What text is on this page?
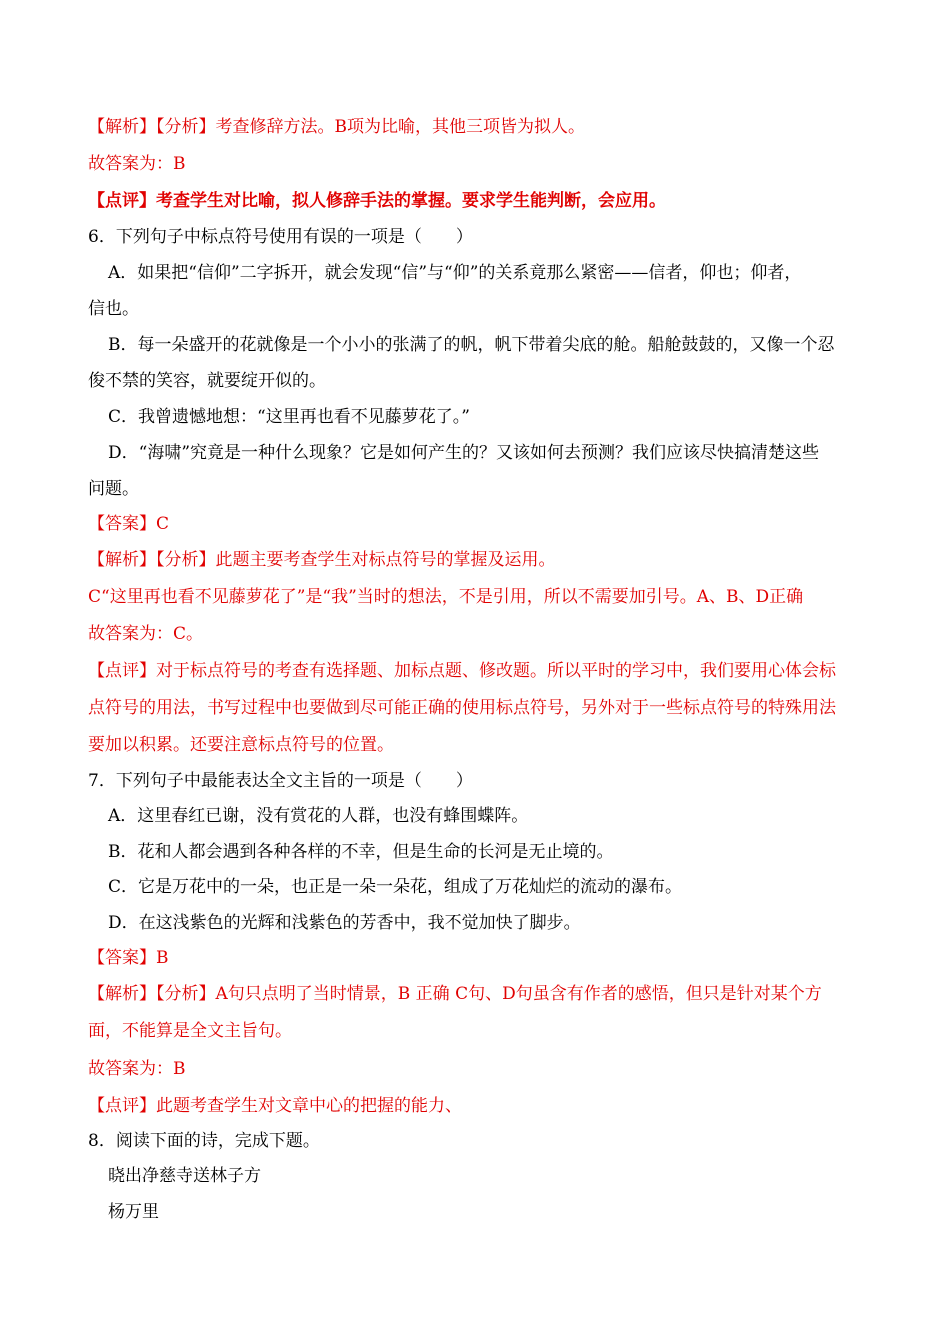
【解析】【分析】考查修辞方法。B项为比喻，其他三项皆为拟人。
故答案为：B
【点评】考查学生对比喻，拟人修辞手法的掌握。要求学生能判断，会应用。
6．下列句子中标点符号使用有误的一项是（　　）
A．如果把“信仰”二字拆开，就会发现“信”与“仰”的关系竟那么紧密——信者，仰也；仰者，
信也。
B．每一朵盛开的花就像是一个小小的张满了的帆，帆下带着尖底的舱。船舱鼓鼓的，又像一个忍
俊不禁的笑容，就要绽开似的。
C．我曾遗憾地想：“这里再也看不见藤萝花了。”
D．“海啸”究竟是一种什么现象？它是如何产生的？又该如何去预测？我们应该尽快搞清楚这些
问题。
【答案】C
【解析】【分析】此题主要考查学生对标点符号的掌握及运用。
C“这里再也看不见藤萝花了”是“我”当时的想法，不是引用，所以不需要加引号。A、B、D正确
故答案为：C。
【点评】对于标点符号的考查有选择题、加标点题、修改题。所以平时的学习中，我们要用心体会标
点符号的用法，书写过程中也要做到尽可能正确的使用标点符号，另外对于一些标点符号的特殊用法
要加以积累。还要注意标点符号的位置。
7．下列句子中最能表达全文主旨的一项是（　　）
A．这里春红已谢，没有赏花的人群，也没有蜂围蝶阵。
B．花和人都会遇到各种各样的不幸，但是生命的长河是无止境的。
C．它是万花中的一朵，也正是一朵一朵花，组成了万花灿烂的流动的瀑布。
D．在这浅紫色的光辉和浅紫色的芳香中，我不觉加快了脚步。
【答案】B
【解析】【分析】A句只点明了当时情景，B 正确 C句、D句虽含有作者的感悟，但只是针对某个方
面，不能算是全文主旨句。
故答案为：B
【点评】此题考查学生对文章中心的把握的能力、
8．阅读下面的诗，完成下题。
晓出净慈寺送林子方
杨万里
